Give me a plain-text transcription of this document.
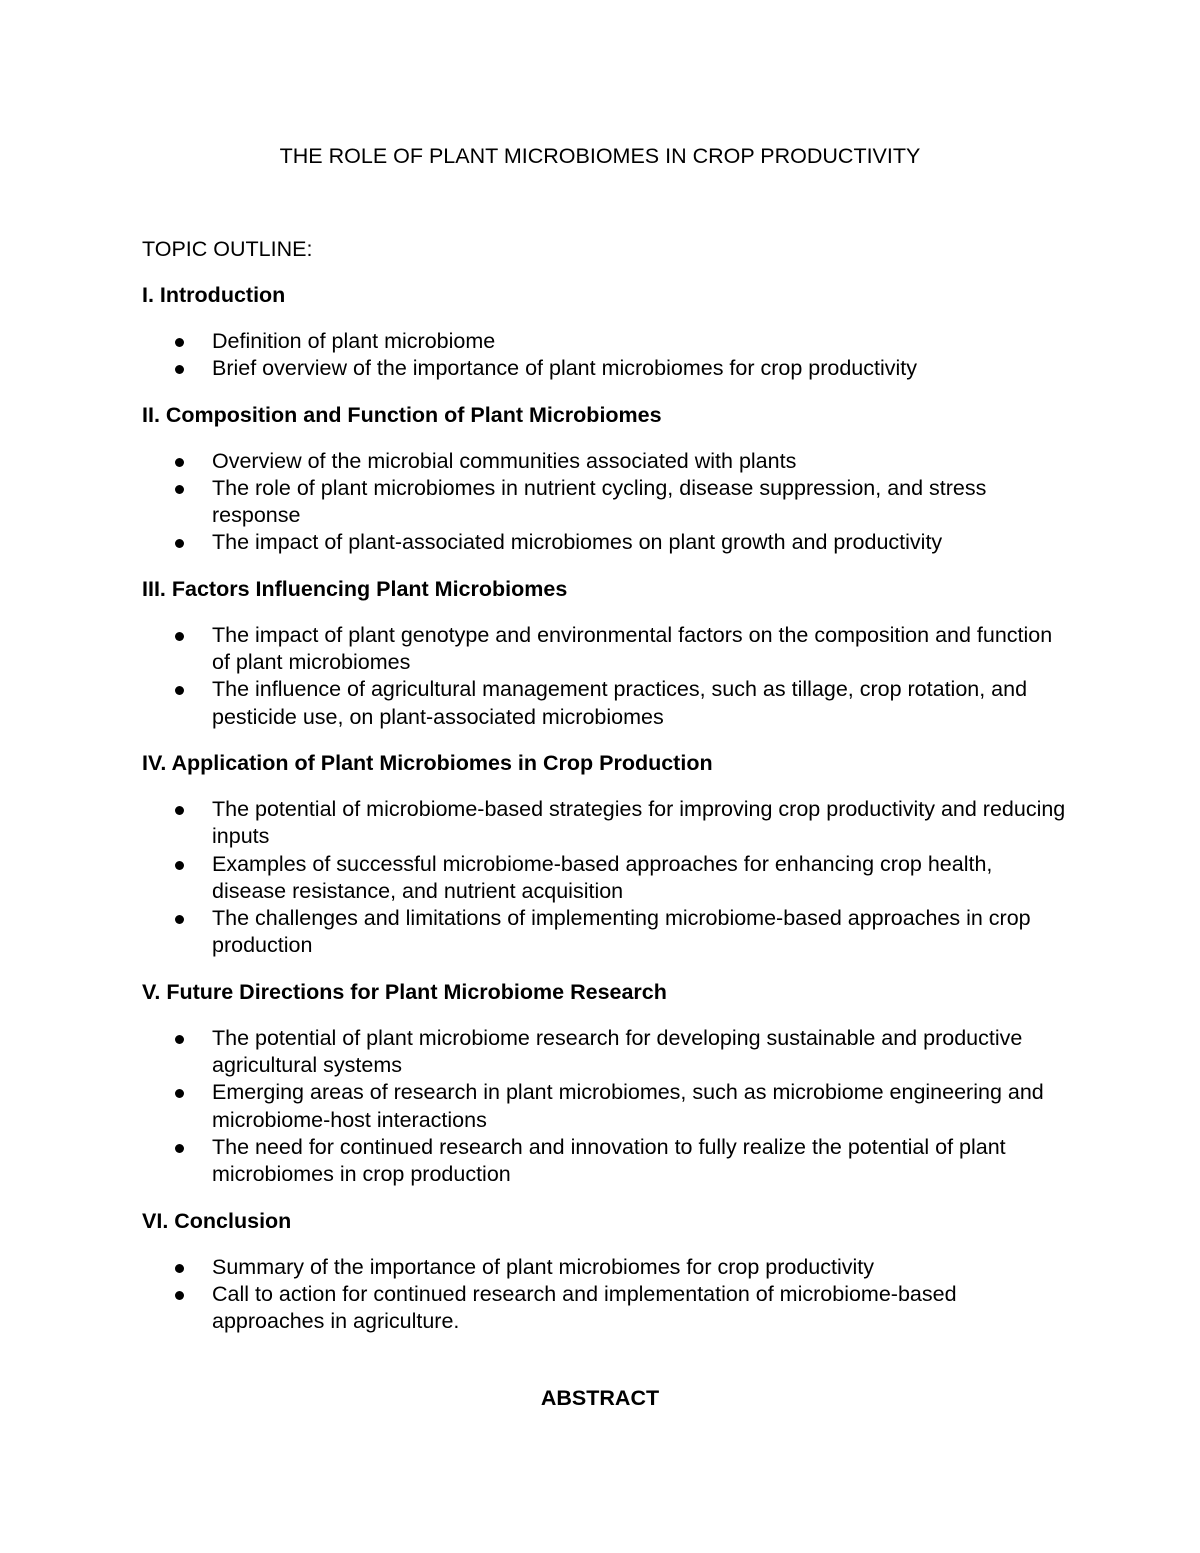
THE ROLE OF PLANT MICROBIOMES IN CROP PRODUCTIVITY

TOPIC OUTLINE:

I. Introduction

Definition of plant microbiome
Brief overview of the importance of plant microbiomes for crop productivity

II. Composition and Function of Plant Microbiomes

Overview of the microbial communities associated with plants
The role of plant microbiomes in nutrient cycling, disease suppression, and stress response
The impact of plant-associated microbiomes on plant growth and productivity

III. Factors Influencing Plant Microbiomes

The impact of plant genotype and environmental factors on the composition and function of plant microbiomes
The influence of agricultural management practices, such as tillage, crop rotation, and pesticide use, on plant-associated microbiomes

IV. Application of Plant Microbiomes in Crop Production

The potential of microbiome-based strategies for improving crop productivity and reducing inputs
Examples of successful microbiome-based approaches for enhancing crop health, disease resistance, and nutrient acquisition
The challenges and limitations of implementing microbiome-based approaches in crop production

V. Future Directions for Plant Microbiome Research

The potential of plant microbiome research for developing sustainable and productive agricultural systems
Emerging areas of research in plant microbiomes, such as microbiome engineering and microbiome-host interactions
The need for continued research and innovation to fully realize the potential of plant microbiomes in crop production

VI. Conclusion

Summary of the importance of plant microbiomes for crop productivity
Call to action for continued research and implementation of microbiome-based approaches in agriculture.
ABSTRACT
